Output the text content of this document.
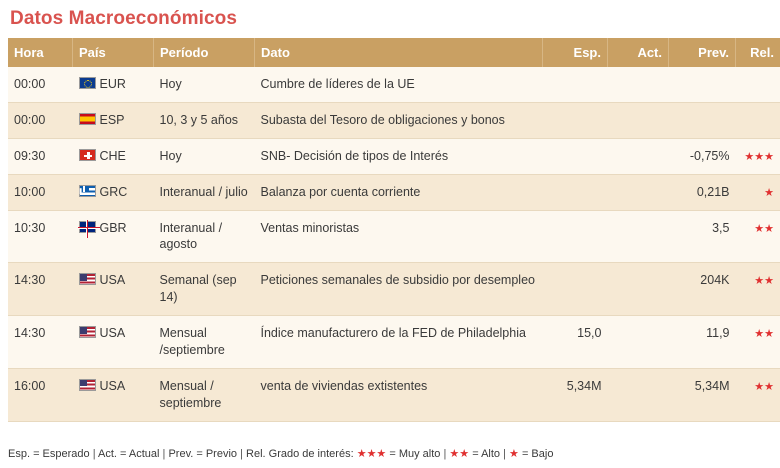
Datos Macroeconómicos
Hora	País	Período	Dato	Esp.	Act.	Prev.	Rel.
00:00	EUR	Hoy	Cumbre de líderes de la UE				
00:00	ESP	10, 3 y 5 años	Subasta del Tesoro de obligaciones y bonos				
09:30	CHE	Hoy	SNB- Decisión de tipos de Interés			-0,75%	★★★
10:00	GRC	Interanual / julio	Balanza por cuenta corriente			0,21B	★
10:30	GBR	Interanual / agosto	Ventas minoristas			3,5	★★
14:30	USA	Semanal (sep 14)	Peticiones semanales de subsidio por desempleo			204K	★★
14:30	USA	Mensual /septiembre	Índice manufacturero de la FED de Philadelphia	15,0		11,9	★★
16:00	USA	Mensual / septiembre	venta de viviendas extistentes	5,34M		5,34M	★★
Esp. = Esperado | Act. = Actual | Prev. = Previo | Rel. Grado de interés: ★★★ = Muy alto | ★★ = Alto | ★ = Bajo
